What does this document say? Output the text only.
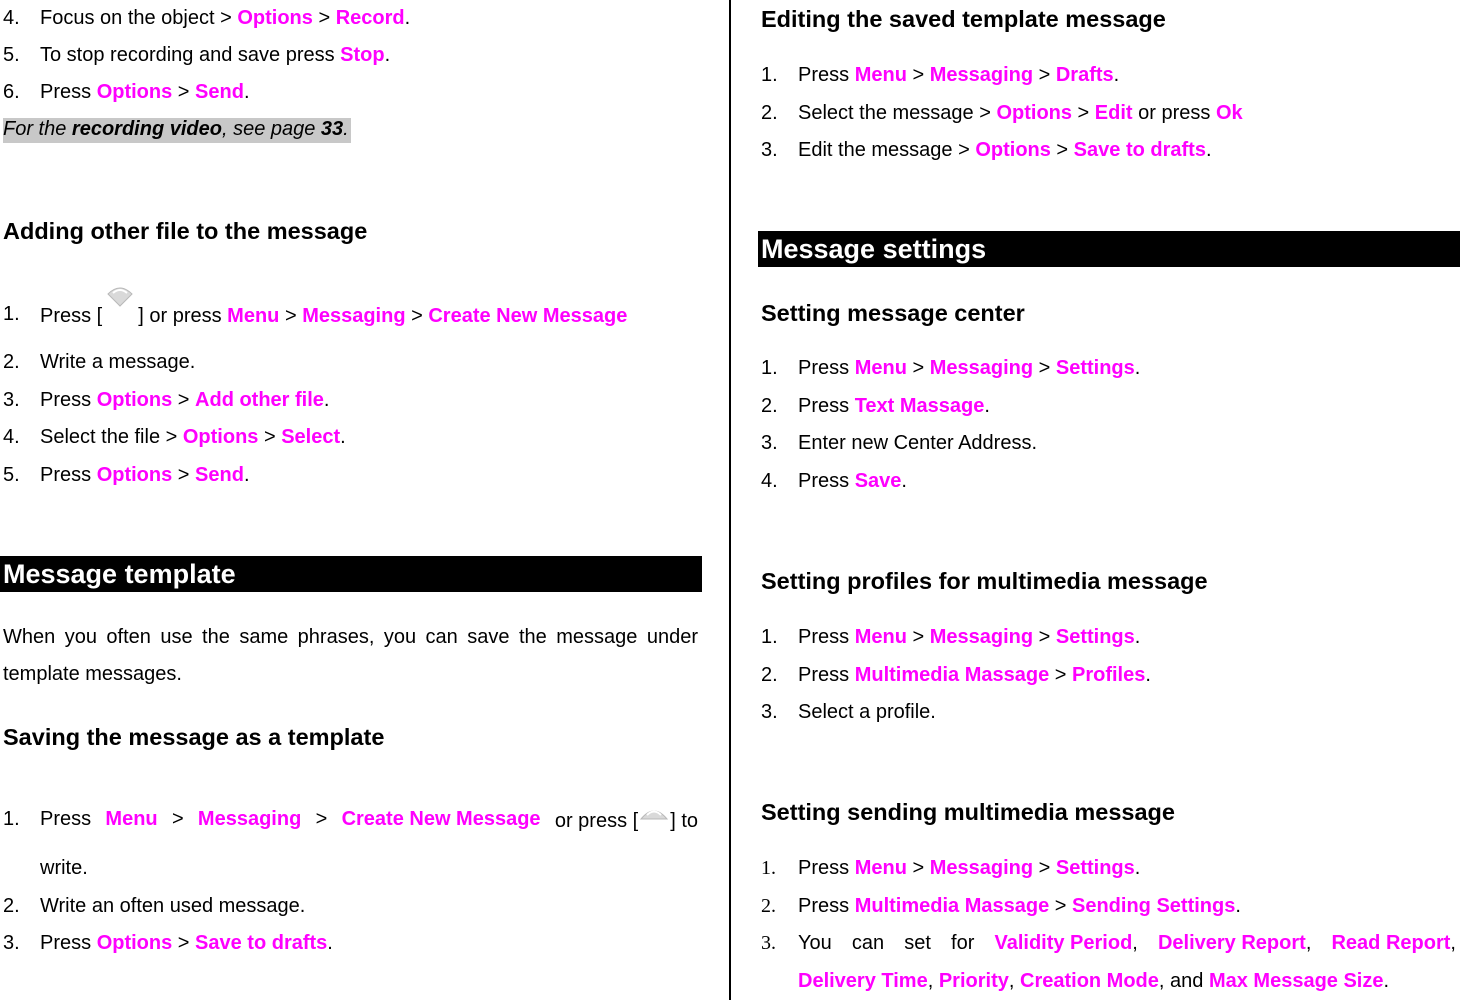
4. Focus on the object > Options > Record.
5. To stop recording and save press Stop.
6. Press Options > Send.
For the recording video, see page 33.
Adding other file to the message
1. Press [ ] or press Menu > Messaging > Create New Message
2. Write a message.
3. Press Options > Add other file.
4. Select the file > Options > Select.
5. Press Options > Send.
Message template
When you often use the same phrases, you can save the message under
template messages.
Saving the message as a template
1. Press Menu > Messaging > Create New Message or press [ ] to
write.
2. Write an often used message.
3. Press Options > Save to drafts.
Editing the saved template message
1. Press Menu > Messaging > Drafts.
2. Select the message > Options > Edit or press Ok
3. Edit the message > Options > Save to drafts.
Message settings
Setting message center
1. Press Menu > Messaging > Settings.
2. Press Text Massage.
3. Enter new Center Address.
4. Press Save.
Setting profiles for multimedia message
1. Press Menu > Messaging > Settings.
2. Press Multimedia Massage > Profiles.
3. Select a profile.
Setting sending multimedia message
1. Press Menu > Messaging > Settings.
2. Press Multimedia Massage > Sending Settings.
3. You can set for Validity Period, Delivery Report, Read Report,
Delivery Time, Priority, Creation Mode, and Max Message Size.
